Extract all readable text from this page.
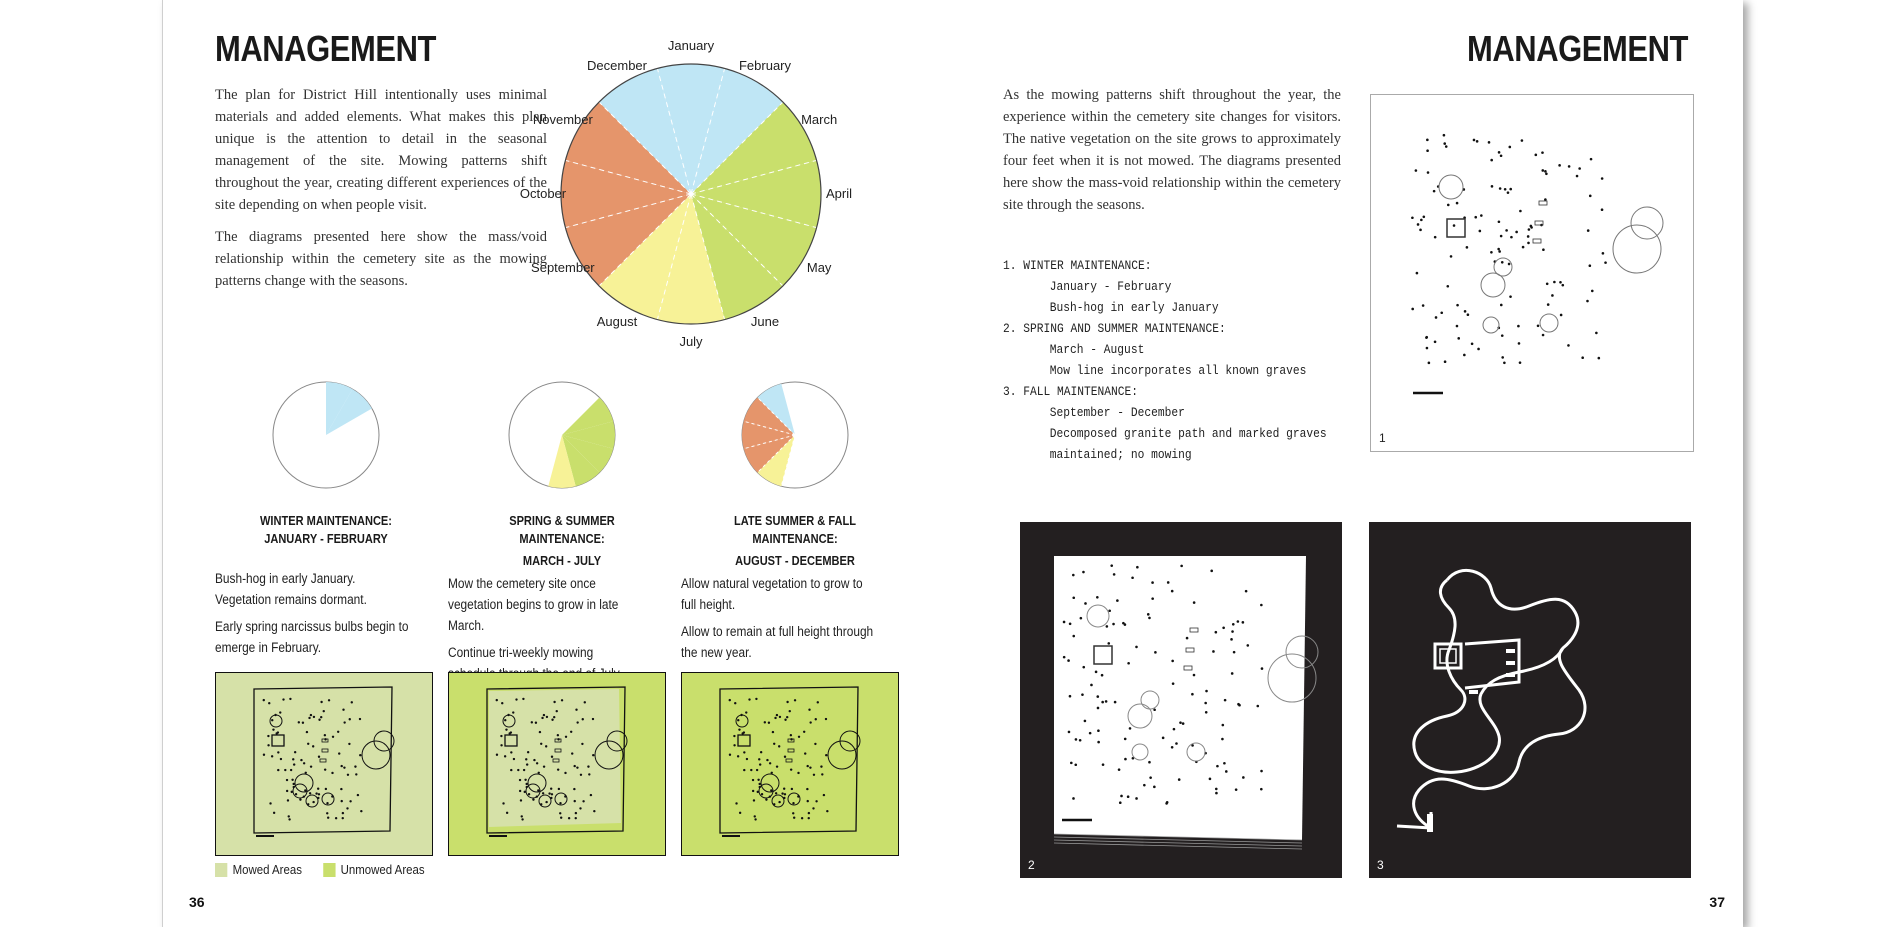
MANAGEMENT

The plan for District Hill intentionally uses minimal materials and added elements. What makes this plan unique is the attention to detail in the seasonal management of the site. Mowing patterns shift throughout the year, creating different experiences of the site depending on when people visit.

The diagrams presented here show the mass/void relationship within the cemetery site as the mowing patterns change with the seasons.

January
February
March
April
May
June
July
August
September
October
November
December
WINTER MAINTENANCE:
JANUARY - FEBRUARY
SPRING & SUMMER MAINTENANCE:
MARCH - JULY
LATE SUMMER & FALL MAINTENANCE:
AUGUST - DECEMBER
Bush-hog in early January.
Vegetation remains dormant.
Early spring narcissus bulbs begin to emerge in February.
Mow the cemetery site once vegetation begins to grow in late March.
Continue tri-weekly mowing
Allow natural vegetation to grow to full height.
Allow to remain at full height through the new year.
Mowed Areas	Unmowed Areas
36
MANAGEMENT

As the mowing patterns shift throughout the year, the experience within the cemetery site changes for visitors. The native vegetation on the site grows to approximately four feet when it is not mowed. The diagrams presented here show the mass-void relationship within the cemetery site through the seasons.

1. WINTER MAINTENANCE:
January - February
Bush-hog in early January
2. SPRING AND SUMMER MAINTENANCE:
March - August
Mow line incorporates all known graves
3. FALL MAINTENANCE:
September - December
Decomposed granite path and marked graves
maintained; no mowing
1
2	3
37
